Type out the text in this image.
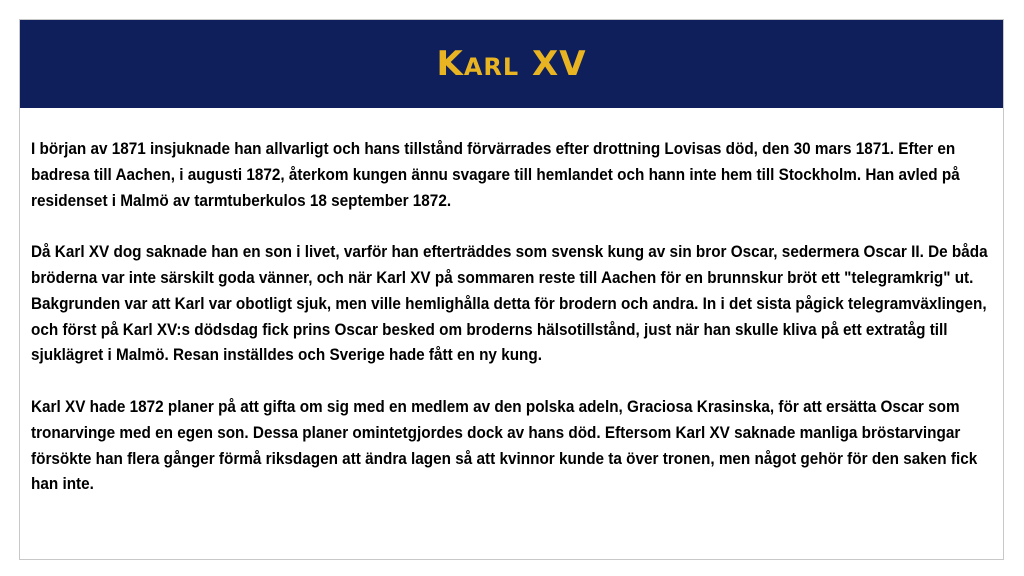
Karl XV

I början av 1871 insjuknade han allvarligt och hans tillstånd förvärrades efter drottning Lovisas död, den 30 mars 1871. Efter en badresa till Aachen, i augusti 1872, återkom kungen ännu svagare till hemlandet och hann inte hem till Stockholm. Han avled på residenset i Malmö av tarmtuberkulos 18 september 1872.

Då Karl XV dog saknade han en son i livet, varför han efterträddes som svensk kung av sin bror Oscar, sedermera Oscar II. De båda bröderna var inte särskilt goda vänner, och när Karl XV på sommaren reste till Aachen för en brunnskur bröt ett "telegramkrig" ut. Bakgrunden var att Karl var obotligt sjuk, men ville hemlighålla detta för brodern och andra. In i det sista pågick telegramväxlingen, och först på Karl XV:s dödsdag fick prins Oscar besked om broderns hälsotillstånd, just när han skulle kliva på ett extratåg till sjuklägret i Malmö. Resan inställdes och Sverige hade fått en ny kung.

Karl XV hade 1872 planer på att gifta om sig med en medlem av den polska adeln, Graciosa Krasinska, för att ersätta Oscar som tronarvinge med en egen son. Dessa planer omintetgjordes dock av hans död. Eftersom Karl XV saknade manliga bröstarvingar försökte han flera gånger förmå riksdagen att ändra lagen så att kvinnor kunde ta över tronen, men något gehör för den saken fick han inte.
